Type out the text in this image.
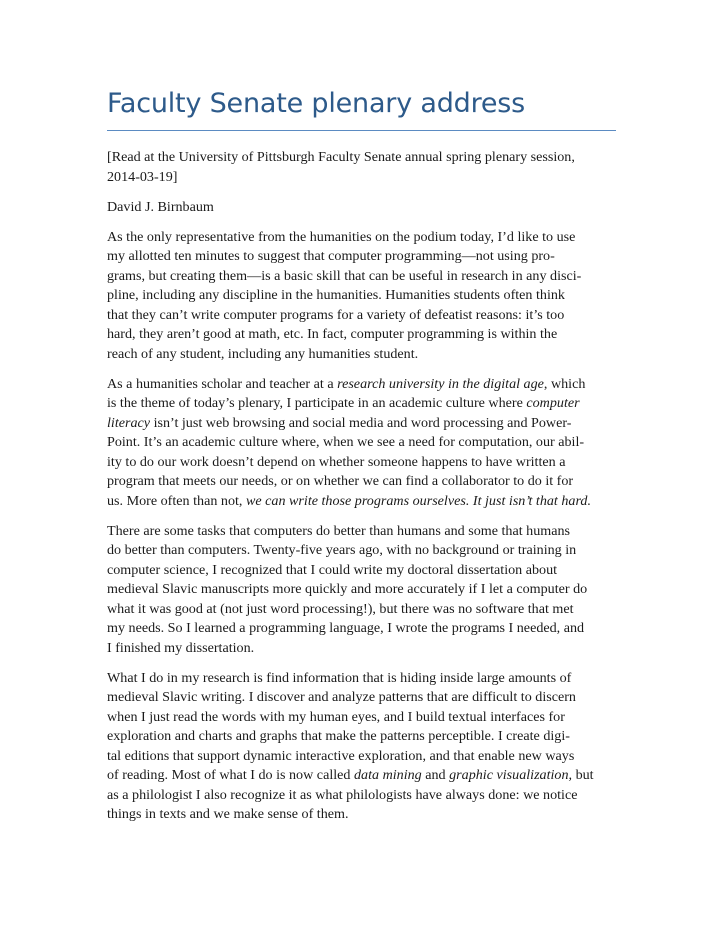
Faculty Senate plenary address

[Read at the University of Pittsburgh Faculty Senate annual spring plenary session,
2014-03-19]

David J. Birnbaum

As the only representative from the humanities on the podium today, I’d like to use
my allotted ten minutes to suggest that computer programming—not using pro-
grams, but creating them—is a basic skill that can be useful in research in any disci-
pline, including any discipline in the humanities. Humanities students often think
that they can’t write computer programs for a variety of defeatist reasons: it’s too
hard, they aren’t good at math, etc. In fact, computer programming is within the
reach of any student, including any humanities student.

As a humanities scholar and teacher at a research university in the digital age, which
is the theme of today’s plenary, I participate in an academic culture where computer
literacy isn’t just web browsing and social media and word processing and Power-
Point. It’s an academic culture where, when we see a need for computation, our abil-
ity to do our work doesn’t depend on whether someone happens to have written a
program that meets our needs, or on whether we can find a collaborator to do it for
us. More often than not, we can write those programs ourselves. It just isn’t that hard.

There are some tasks that computers do better than humans and some that humans
do better than computers. Twenty-five years ago, with no background or training in
computer science, I recognized that I could write my doctoral dissertation about
medieval Slavic manuscripts more quickly and more accurately if I let a computer do
what it was good at (not just word processing!), but there was no software that met
my needs. So I learned a programming language, I wrote the programs I needed, and
I finished my dissertation.

What I do in my research is find information that is hiding inside large amounts of
medieval Slavic writing. I discover and analyze patterns that are difficult to discern
when I just read the words with my human eyes, and I build textual interfaces for
exploration and charts and graphs that make the patterns perceptible. I create digi-
tal editions that support dynamic interactive exploration, and that enable new ways
of reading. Most of what I do is now called data mining and graphic visualization, but
as a philologist I also recognize it as what philologists have always done: we notice
things in texts and we make sense of them.
